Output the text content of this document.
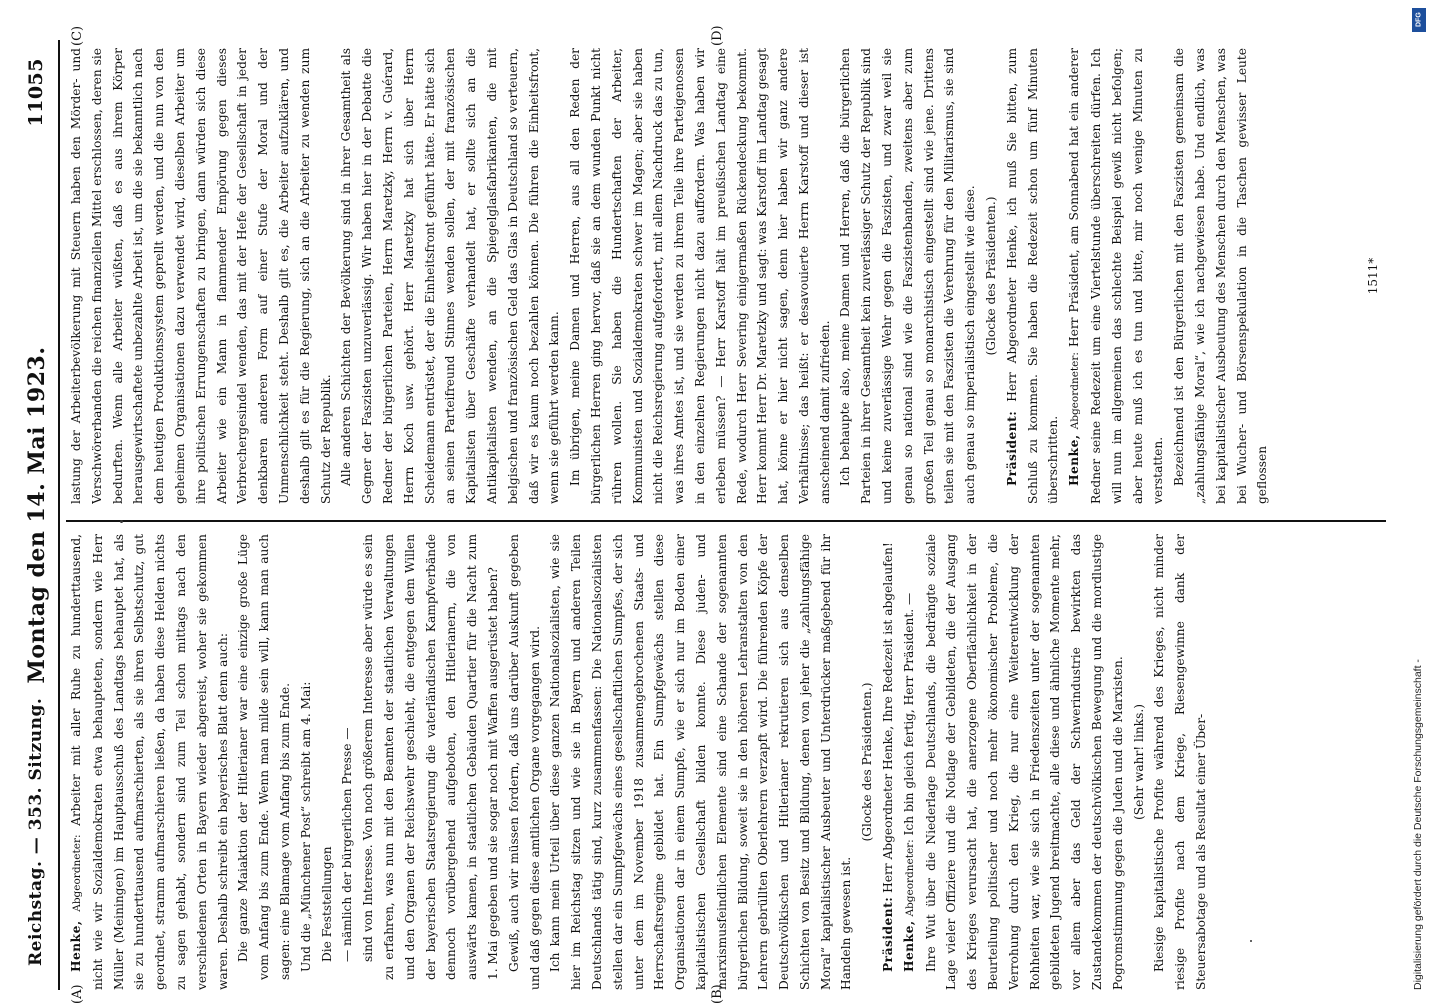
Reichstag. — 353. Sitzung.
Montag den 14. Mai 1923.
11055
(A)	(B)
(C)	(D)

Henke, Abgeordneter: Arbeiter mit aller Ruhe zu hunderttausend, nicht wie wir Sozialdemokraten etwa behaupteten, sondern wie Herr Müller (Meiningen) im Hauptausschuß des Landtags behauptet hat, als sie zu hunderttausend aufmarschierten, als sie ihren Selbstschutz, gut geordnet, stramm aufmarschieren ließen, da haben diese Helden nichts zu sagen gehabt, sondern sind zum Teil schon mittags nach den verschiedenen Orten in Bayern wieder abgereist, woher sie gekommen waren. Deshalb schreibt ein bayerisches Blatt denn auch: Die ganze Maiaktion der Hitlerianer war eine einzige große Lüge vom Anfang bis zum Ende. Wenn man milde sein will, kann man auch sagen: eine Blamage vom Anfang bis zum Ende. Und die „Münchener Post“ schreibt am 4. Mai: Die Feststellungen — nämlich der bürgerlichen Presse — sind von Interesse. Von noch größerem Interesse aber würde es sein zu erfahren, was nun mit den Beamten der staatlichen Verwaltungen und den Organen der Reichswehr geschieht, die entgegen dem Willen der bayerischen Staatsregierung die vaterländischen Kampfverbände dennoch vorübergehend aufgeboten, den Hitlerianern, die von auswärts kamen, in staatlichen Gebäuden Quartier für die Nacht zum 1. Mai gegeben und sie sogar noch mit Waffen ausgerüstet haben? Gewiß, auch wir müssen fordern, daß uns darüber Auskunft gegeben und daß gegen diese amtlichen Organe vorgegangen wird. Ich kann mein Urteil über diese ganzen Nationalsozialisten, wie sie hier im Reichstag sitzen und wie sie in Bayern und anderen Teilen Deutschlands tätig sind, kurz zusammenfassen: Die Nationalsozialisten stellen dar ein Sumpfgewächs eines gesellschaftlichen Sumpfes, der sich unter dem im November 1918 zusammengebrochenen Staats- und Herrschaftsregime gebildet hat. Ein Sumpfgewächs stellen diese Organisationen dar in einem Sumpfe, wie er sich nur im Boden einer kapitalistischen Gesellschaft bilden konnte. Diese juden- und marxismusfeindlichen Elemente sind eine Schande der sogenannten bürgerlichen Bildung, soweit sie in den höheren Lehranstalten von den Lehrern gebrüllten Oberlehrern verzapft wird. Die führenden Köpfe der Deutschvölkischen und Hitlerianer rekrutieren sich aus denselben Schichten von Besitz und Bildung, denen von jeher die „zahlungsfähige Moral“ kapitalistischer Ausbeuter und Unterdrücker maßgebend für ihr Handeln gewesen ist.

(Glocke des Präsidenten.)

Präsident: Herr Abgeordneter Henke, Ihre Redezeit ist abgelaufen!

Henke, Abgeordneter: Ich bin gleich fertig, Herr Präsident. — Ihre Wut über die Niederlage Deutschlands, die bedrängte soziale Lage vieler Offiziere und die Notlage der Gebildeten, die der Ausgang des Krieges verursacht hat, die anerzogene Oberflächlichkeit in der Beurteilung politischer und noch mehr ökonomischer Probleme, die Verrohung durch den Krieg, die nur eine Weiterentwicklung der Rohheiten war, wie sie sich in Friedenszeiten unter der sogenannten gebildeten Jugend breitmachte, alle diese und ähnliche Momente mehr, vor allem aber das Geld der Schwerindustrie bewirkten das Zustandekommen der deutschvölkischen Bewegung und die mordlustige Pogromstimmung gegen die Juden und die Marxisten. (Sehr wahr! links.) Riesige kapitalistische Profite während des Krieges, nicht minder riesige Profite nach dem Kriege, Riesengewinne dank der Steuersabotage und als Resultat einer Über-

lastung der Arbeiterbevölkerung mit Steuern haben den Mörder- und Verschwörerbanden die reichen finanziellen Mittel erschlossen, deren sie bedurften. Wenn alle Arbeiter wüßten, daß es aus ihrem Körper herausgewirtschaftete unbezahlte Arbeit ist, um die sie bekanntlich nach dem heutigen Produktionssystem geprellt werden, und die nun von den geheimen Organisationen dazu verwendet wird, dieselben Arbeiter um ihre politischen Errungenschaften zu bringen, dann würden sich diese Arbeiter wie ein Mann in flammender Empörung gegen dieses Verbrechergesindel wenden, das mit der Hefe der Gesellschaft in jeder denkbaren anderen Form auf einer Stufe der Moral und der Unmenschlichkeit steht. Deshalb gilt es, die Arbeiter aufzuklären, und deshalb gilt es für die Regierung, sich an die Arbeiter zu wenden zum Schutz der Republik. Alle anderen Schichten der Bevölkerung sind in ihrer Gesamtheit als Gegner der Faszisten unzuverlässig. Wir haben hier in der Debatte die Redner der bürgerlichen Parteien, Herrn Maretzky, Herrn v. Guérard, Herrn Koch usw. gehört. Herr Maretzky hat sich über Herrn Scheidemann entrüstet, der die Einheitsfront geführt hätte. Er hätte sich an seinen Parteifreund Stinnes wenden sollen, der mit französischen Kapitalisten über Geschäfte verhandelt hat, er sollte sich an die Antikapitalisten wenden, an die Spiegelglasfabrikanten, die mit belgischen und französischen Geld das Glas in Deutschland so verteuern, daß wir es kaum noch bezahlen können. Die führen die Einheitsfront, wenn sie geführt werden kann. Im übrigen, meine Damen und Herren, aus all den Reden der bürgerlichen Herren ging hervor, daß sie an dem wunden Punkt nicht rühren wollen. Sie haben die Hundertschaften der Arbeiter, Kommunisten und Sozialdemokraten schwer im Magen; aber sie haben nicht die Reichsregierung aufgefordert, mit allem Nachdruck das zu tun, was ihres Amtes ist, und sie werden zu ihrem Teile ihre Parteigenossen in den einzelnen Regierungen nicht dazu auffordern. Was haben wir erleben müssen? — Herr Karstoff hält im preußischen Landtag eine Rede, wodurch Herr Severing einigermaßen Rückendeckung bekommt. Herr kommt Herr Dr. Maretzky und sagt: was Karstoff im Landtag gesagt hat, könne er hier nicht sagen, denn hier haben wir ganz andere Verhältnisse; das heißt: er desavouierte Herrn Karstoff und dieser ist anscheinend damit zufrieden. Ich behaupte also, meine Damen und Herren, daß die bürgerlichen Parteien in ihrer Gesamtheit kein zuverlässiger Schutz der Republik sind und keine zuverlässige Wehr gegen die Faszisten, und zwar weil sie genau so national sind wie die Faszistenbanden, zweitens aber zum großen Teil genau so monarchistisch eingestellt sind wie jene. Drittens teilen sie mit den Faszisten die Verehrung für den Militarismus, sie sind auch genau so imperialistisch eingestellt wie diese. (Glocke des Präsidenten.)

Präsident: Herr Abgeordneter Henke, ich muß Sie bitten, zum Schluß zu kommen. Sie haben die Redezeit schon um fünf Minuten überschritten. Henke, Abgeordneter: Herr Präsident, am Sonnabend hat ein anderer Redner seine Redezeit um eine Viertelstunde überschreiten dürfen. Ich will nun im allgemeinen das schlechte Beispiel gewiß nicht befolgen; aber heute muß ich es tun und bitte, mir noch wenige Minuten zu verstatten. Bezeichnend ist den Bürgerlichen mit den Faszisten gemeinsam die „zahlungsfähige Moral“, wie ich nachgewiesen habe. Und endlich, was bei kapitalistischer Ausbeutung des Menschen durch den Menschen, was bei Wucher- und Börsenspekulation in die Taschen gewisser Leute geflossen

1511*
Digitalisierung gefördert durch die Deutsche Forschungsgemeinschaft -
DFG
